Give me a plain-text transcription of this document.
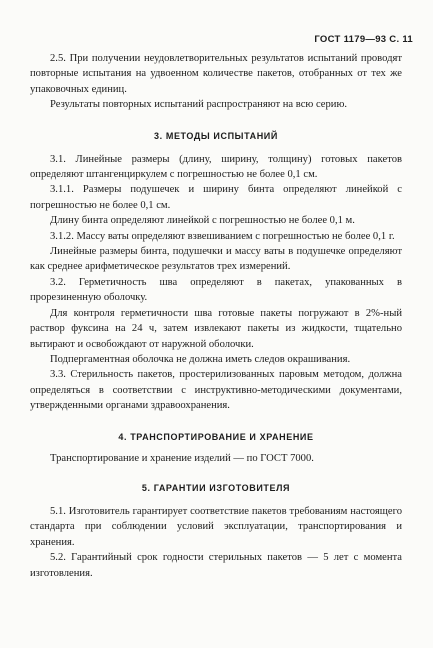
ГОСТ 1179—93 С. 11

2.5. При получении неудовлетворительных результатов испытаний проводят повторные испытания на удвоенном количестве пакетов, отобранных от тех же упаковочных единиц.

Результаты повторных испытаний распространяют на всю серию.

3. МЕТОДЫ ИСПЫТАНИЙ

3.1. Линейные размеры (длину, ширину, толщину) готовых пакетов определяют штангенциркулем с погрешностью не более 0,1 см.

3.1.1. Размеры подушечек и ширину бинта определяют линейкой с погрешностью не более 0,1 см.

Длину бинта определяют линейкой с погрешностью не более 0,1 м.

3.1.2. Массу ваты определяют взвешиванием с погрешностью не более 0,1 г.

Линейные размеры бинта, подушечки и массу ваты в подушечке определяют как среднее арифметическое результатов трех измерений.

3.2. Герметичность шва определяют в пакетах, упакованных в прорезиненную оболочку.

Для контроля герметичности шва готовые пакеты погружают в 2%-ный раствор фуксина на 24 ч, затем извлекают пакеты из жидкости, тщательно вытирают и освобождают от наружной оболочки.

Подпергаментная оболочка не должна иметь следов окрашивания.

3.3. Стерильность пакетов, простерилизованных паровым методом, должна определяться в соответствии с инструктивно-методическими документами, утвержденными органами здравоохранения.

4. ТРАНСПОРТИРОВАНИЕ И ХРАНЕНИЕ

Транспортирование и хранение изделий — по ГОСТ 7000.

5. ГАРАНТИИ ИЗГОТОВИТЕЛЯ

5.1. Изготовитель гарантирует соответствие пакетов требованиям настоящего стандарта при соблюдении условий эксплуатации, транспортирования и хранения.

5.2. Гарантийный срок годности стерильных пакетов — 5 лет с момента изготовления.
